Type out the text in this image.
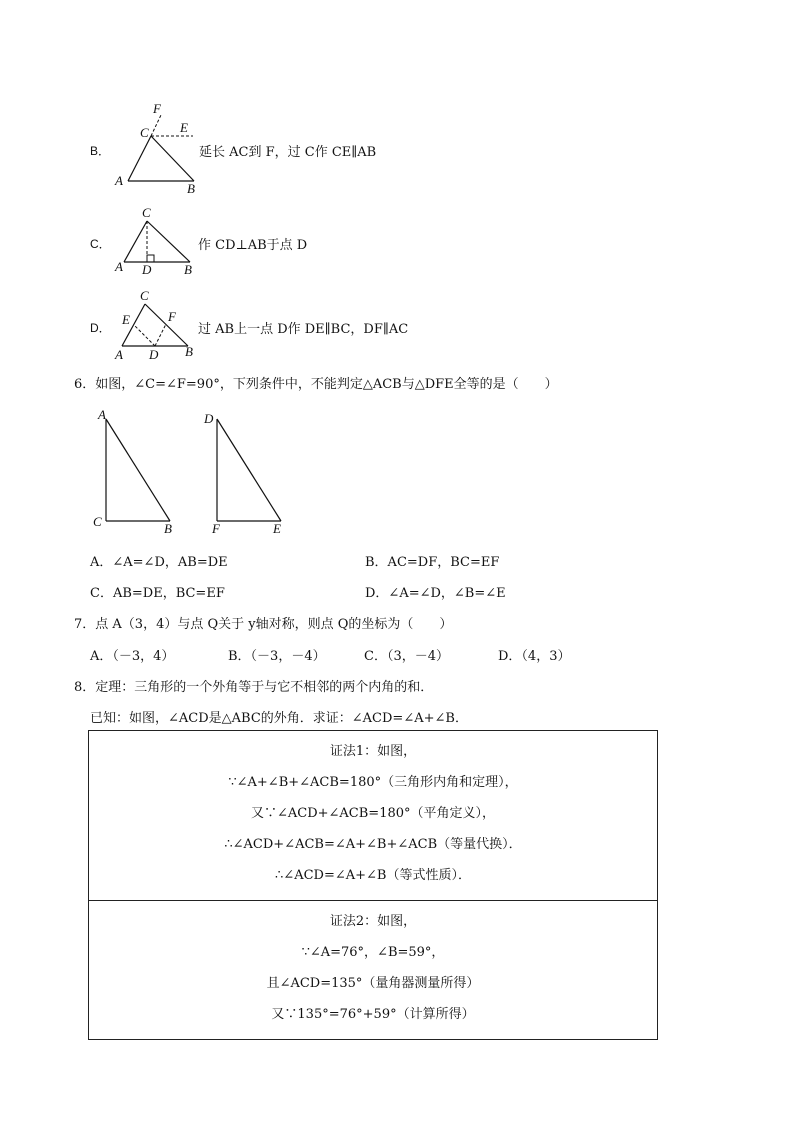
B．
F
C E
A
B
延长 AC到 F，过 C作 CE∥AB
C．
C
A D	B
作 CD⊥AB于点 D
D．
C
E	F
A D B
过 AB上一点 D作 DE∥BC，DF∥AC
6．如图，∠C=∠F=90°，下列条件中，不能判定△ACB与△DFE全等的是（　　）
A
C	B
D
F	E
A．∠A=∠D，AB=DE	B．AC=DF，BC=EF
C．AB=DE，BC=EF	D．∠A=∠D，∠B=∠E
7．点 A（3，4）与点 Q关于 y轴对称，则点 Q的坐标为（　　）
A．（－3，4）	B．（－3，－4）	C．（3，－4）	D．（4，3）
8．定理：三角形的一个外角等于与它不相邻的两个内角的和．
已知：如图，∠ACD是△ABC的外角．求证：∠ACD=∠A+∠B．
证法1：如图，
∵∠A+∠B+∠ACB=180°（三角形内角和定理），
又∵∠ACD+∠ACB=180°（平角定义），
∴∠ACD+∠ACB=∠A+∠B+∠ACB（等量代换）．
∴∠ACD=∠A+∠B（等式性质）．

证法2：如图，
∵∠A=76°，∠B=59°，
且∠ACD=135°（量角器测量所得）
又∵135°=76°+59°（计算所得）
